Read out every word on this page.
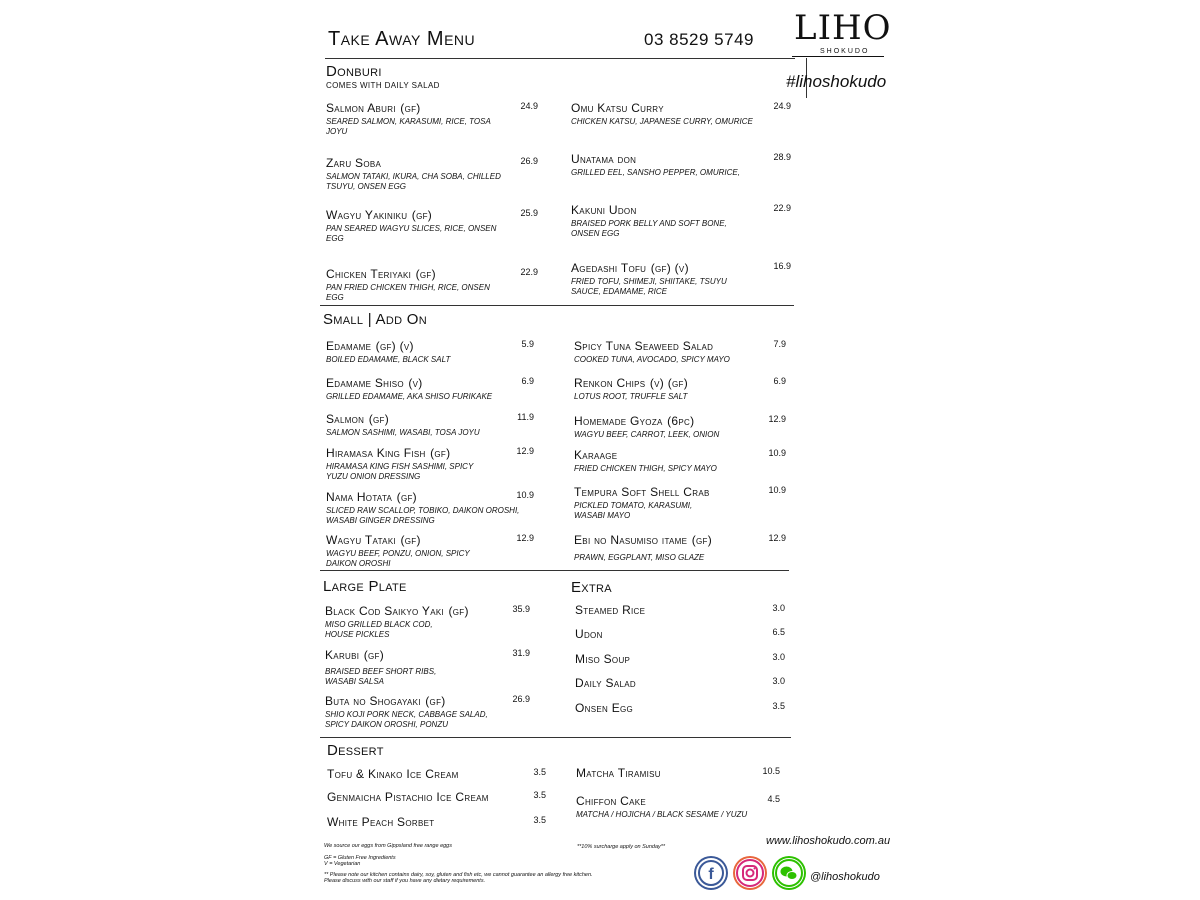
Take Away Menu	03 8529 5749 LIHO
SHOKUDO
#lihoshokudo
Donburi
COMES WITH DAILY SALAD
Salmon Aburi (gf)
SEARED SALMON, KARASUMI, RICE, TOSA JOYU
24.9
Zaru Soba
SALMON TATAKI, IKURA, CHA SOBA, CHILLED TSUYU, ONSEN EGG
26.9
Wagyu Yakiniku (gf)
PAN SEARED WAGYU SLICES, RICE, ONSEN EGG
25.9
Chicken Teriyaki (gf)
PAN FRIED CHICKEN THIGH, RICE, ONSEN EGG
22.9
Omu Katsu Curry
CHICKEN KATSU, JAPANESE CURRY, OMURICE
24.9
Unatama don
GRILLED EEL, SANSHO PEPPER, OMURICE,
28.9
Kakuni Udon
BRAISED PORK BELLY AND SOFT BONE, ONSEN EGG
22.9
Agedashi Tofu (gf) (v)
FRIED TOFU, SHIMEJI, SHIITAKE, TSUYU SAUCE, EDAMAME, RICE
16.9
Small | Add On
Edamame (gf) (v)
BOILED EDAMAME, BLACK SALT
5.9
Edamame Shiso (v)
GRILLED EDAMAME, AKA SHISO FURIKAKE
6.9
Salmon (gf)
SALMON SASHIMI, WASABI, TOSA JOYU
11.9
Hiramasa King Fish (gf)
HIRAMASA KING FISH SASHIMI, SPICY YUZU ONION DRESSING
12.9
Nama Hotata (gf)
SLICED RAW SCALLOP, TOBIKO, DAIKON OROSHI, WASABI GINGER DRESSING
10.9
Wagyu Tataki (gf)
WAGYU BEEF, PONZU, ONION, SPICY DAIKON OROSHI
12.9
Spicy Tuna Seaweed Salad
COOKED TUNA, AVOCADO, SPICY MAYO
7.9
Renkon Chips (v) (gf)
LOTUS ROOT, TRUFFLE SALT
6.9
Homemade Gyoza (6pc)
WAGYU BEEF, CARROT, LEEK, ONION
12.9
Karaage
FRIED CHICKEN THIGH, SPICY MAYO
10.9
Tempura Soft Shell Crab
PICKLED TOMATO, KARASUMI, WASABI MAYO
10.9
Ebi no Nasumiso itame (gf)
PRAWN, EGGPLANT, MISO GLAZE
12.9
Large Plate
Black Cod Saikyo Yaki (gf)
MISO GRILLED BLACK COD, HOUSE PICKLES
35.9
Karubi (gf)
BRAISED BEEF SHORT RIBS, WASABI SALSA
31.9
Buta no Shogayaki (gf)
SHIO KOJI PORK NECK, CABBAGE SALAD, SPICY DAIKON OROSHI, PONZU
26.9
Extra
Steamed Rice	3.0
Udon	6.5
Miso Soup	3.0
Daily Salad	3.0
Onsen Egg	3.5
Dessert
Tofu & Kinako Ice Cream	3.5
Genmaicha Pistachio Ice Cream	3.5
White Peach Sorbet	3.5
Matcha Tiramisu	10.5
Chiffon Cake	4.5
MATCHA / HOJICHA / BLACK SESAME / YUZU
We source our eggs from Gippsland free range eggs
GF = Gluten Free Ingredients
V = Vegetarian
** Please note our kitchen contains dairy, soy, gluten and fish etc, we cannot guarantee an allergy free kitchen.
Please discuss with our staff if you have any dietary requirements.
**10% surcharge apply on Sunday**	www.lihoshokudo.com.au
f	@lihoshokudo
